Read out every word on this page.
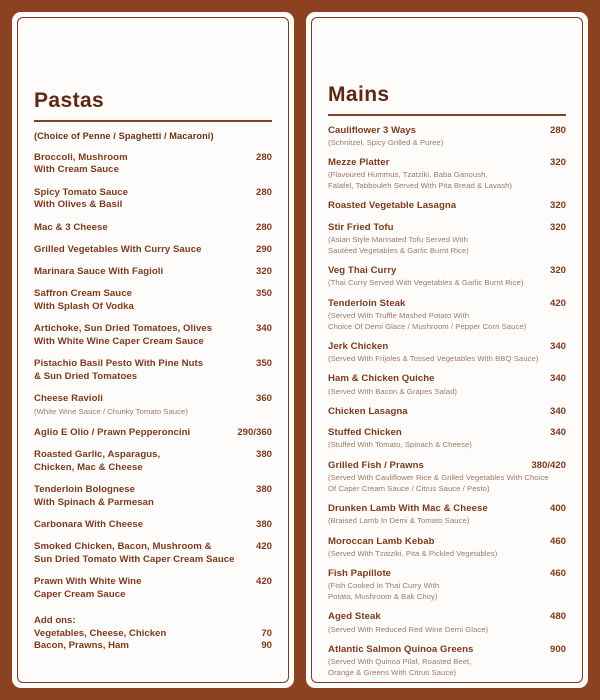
Pastas
(Choice of Penne / Spaghetti / Macaroni)
Broccoli, Mushroom
With Cream Sauce
280
Spicy Tomato Sauce
With Olives & Basil
280
Mac & 3 Cheese	280
Grilled Vegetables With Curry Sauce	290
Marinara Sauce With Fagioli	320
Saffron Cream Sauce
With Splash Of Vodka
350
Artichoke, Sun Dried Tomatoes, Olives
With White Wine Caper Cream Sauce
340
Pistachio Basil Pesto With Pine Nuts
& Sun Dried Tomatoes
350
Cheese Ravioli	360
(White Wine Sauce / Chunky Tomato Sauce)
Aglio E Olio / Prawn Pepperoncini	290/360
Roasted Garlic, Asparagus,
Chicken, Mac & Cheese
380
Tenderloin Bolognese
With Spinach & Parmesan
380
Carbonara With Cheese	380
Smoked Chicken, Bacon, Mushroom &
Sun Dried Tomato With Caper Cream Sauce
420
Prawn With White Wine
Caper Cream Sauce
420
Add ons:
Vegetables, Cheese, Chicken	70
Bacon, Prawns, Ham	90
Mains
Cauliflower 3 Ways	280
(Schnitzel, Spicy Grilled & Puree)
Mezze Platter	320
(Flavoured Hummus, Tzatziki, Baba Ganoush,
Falafel, Tabbouleh Served With Pita Bread & Lavash)
Roasted Vegetable Lasagna	320
Stir Fried Tofu	320
(Asian Style Marinated Tofu Served With
Sautéed Vegetables & Garlic Burnt Rice)
Veg Thai Curry	320
(Thai Curry Served With Vegetables & Garlic Burnt Rice)
Tenderloin Steak	420
(Served With Truffle Mashed Potato With
Choice Of Demi Glace / Mushroom / Pepper Corn Sauce)
Jerk Chicken	340
(Served With Frijoles & Tossed Vegetables With BBQ Sauce)
Ham & Chicken Quiche	340
(Served With Bacon & Grapes Salad)
Chicken Lasagna	340
Stuffed Chicken	340
(Stuffed With Tomato, Spinach & Cheese)
Grilled Fish / Prawns	380/420
(Served With Cauliflower Rice & Grilled Vegetables With Choice
Of Caper Cream Sauce / Citrus Sauce / Pesto)
Drunken Lamb With Mac & Cheese	400
(Braised Lamb In Demi & Tomato Sauce)
Moroccan Lamb Kebab	460
(Served With Tzatziki, Pita & Pickled Vegetables)
Fish Papillote	460
(Fish Cooked In Thai Curry With
Potato, Mushroom & Bak Choy)
Aged Steak	480
(Served With Reduced Red Wine Demi Glace)
Atlantic Salmon Quinoa Greens	900
(Served With Quinoa Pilaf, Roasted Beet,
Orange & Greens With Citrus Sauce)
